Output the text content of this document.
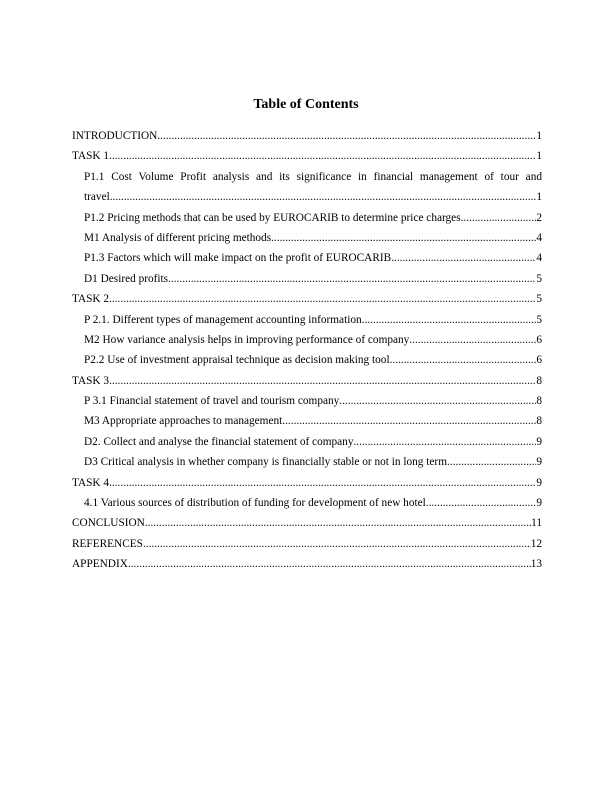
Table of Contents
INTRODUCTION .....	1
TASK 1 .....	1
P1.1 Cost Volume Profit analysis and its significance in financial management of tour and
travel .....	1
P1.2 Pricing methods that can be used by EUROCARIB to determine price charges .....	2
M1 Analysis of different pricing methods .....	4
P1.3 Factors which will make impact on the profit of EUROCARIB .....	4
D1 Desired profits .....	5
TASK 2 .....	5
P 2.1. Different types of management accounting information .....	5
M2 How variance analysis helps in improving performance of company .....	6
P2.2 Use of investment appraisal technique as decision making tool .....	6
TASK 3 .....	8
P 3.1 Financial statement of travel and tourism company .....	8
M3 Appropriate approaches to management .....	8
D2. Collect and analyse the financial statement of company .....	9
D3 Critical analysis in whether company is financially stable or not in long term .....	9
TASK 4 .....	9
4.1 Various sources of distribution of funding for development of new hotel .....	9
CONCLUSION .....	11
REFERENCES .....	12
APPENDIX .....	13
